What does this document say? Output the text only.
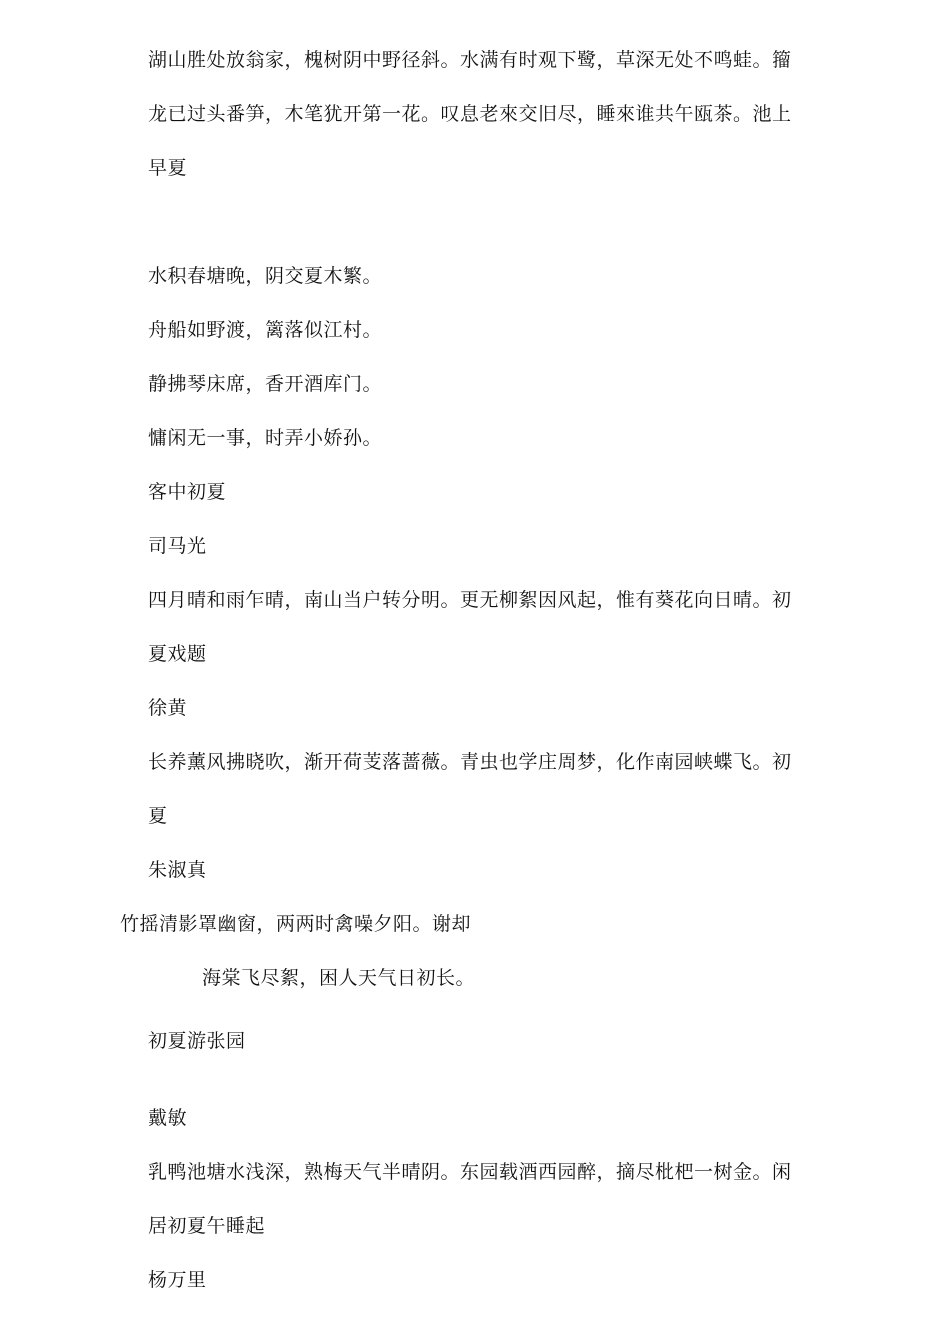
湖山胜处放翁家，槐树阴中野径斜。水满有时观下鹭，草深无处不鸣蛙。籀
龙已过头番笋，木笔犹开第一花。叹息老來交旧尽，睡來谁共午瓯茶。池上
早夏
水积春塘晚，阴交夏木繁。
舟船如野渡，篱落似江村。
静拂琴床席，香开酒库门。
慵闲无一事，时弄小娇孙。
客中初夏
司马光
四月晴和雨乍晴，南山当户转分明。更无柳絮因风起，惟有葵花向日晴。初
夏戏题
徐黄
长养薰风拂晓吹，渐开荷芰落蔷薇。青虫也学庄周梦，化作南园峡蝶飞。初
夏
朱淑真
竹摇清影罩幽窗，两两时禽噪夕阳。谢却
海棠飞尽絮，困人天气日初长。
初夏游张园
戴敏
乳鸭池塘水浅深，熟梅天气半晴阴。东园载酒西园醉，摘尽枇杷一树金。闲
居初夏午睡起
杨万里
